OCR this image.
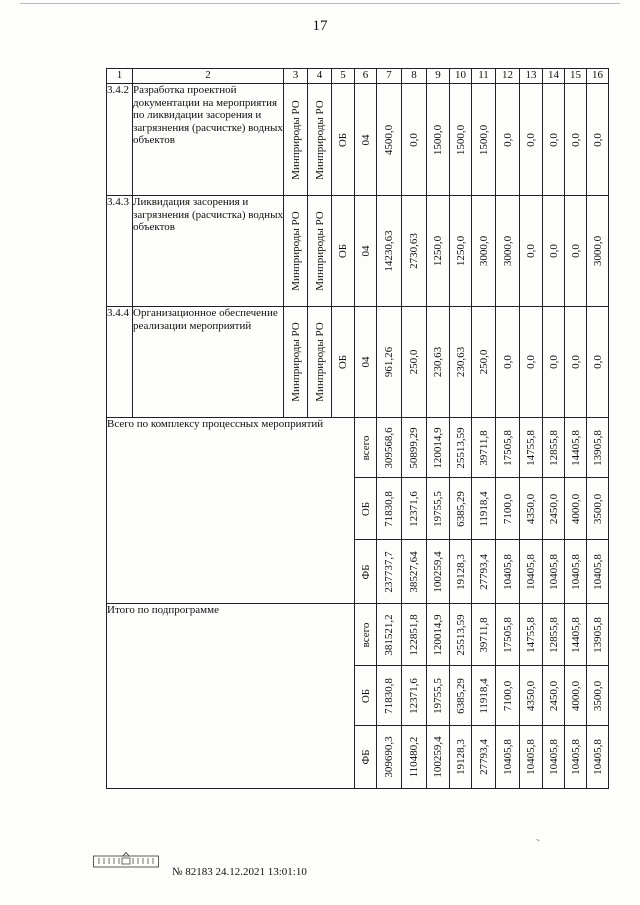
17
1	2	3	4	5	6	7	8	9	10	11	12	13	14	15	16
3.4.2	Разработка проектной документации на мероприятия по ликвидации засорения и загрязнения (расчистке) водных объектов	Минприроды РО	Минприроды РО	ОБ	04	4500,0	0,0	1500,0	1500,0	1500,0	0,0	0,0	0,0	0,0	0,0

3.4.3	Ликвидация засорения и загрязнения (расчистка) водных объектов	Минприроды РО	Минприроды РО	ОБ	04	14230,63	2730,63	1250,0	1250,0	3000,0	3000,0	0,0	0,0	0,0	3000,0

3.4.4	Организационное обеспечение реализации мероприятий	Минприроды РО	Минприроды РО	ОБ	04	961,26	250,0	230,63	230,63	250,0	0,0	0,0	0,0	0,0	0,0

Всего по комплексу процессных мероприятий					всего	309568,6	50899,29	120014,9	25513,59	39711,8	17505,8	14755,8	12855,8	14405,8	13905,8

					ОБ	71830,8	12371,6	19755,5	6385,29	11918,4	7100,0	4350,0	2450,0	4000,0	3500,0

					ФБ	237737,7	38527,64	100259,4	19128,3	27793,4	10405,8	10405,8	10405,8	10405,8	10405,8

Итого по подпрограмме					всего	381521,2	122851,8	120014,9	25513,59	39711,8	17505,8	14755,8	12855,8	14405,8	13905,8

					ОБ	71830,8	12371,6	19755,5	6385,29	11918,4	7100,0	4350,0	2450,0	4000,0	3500,0

					ФБ	309690,3	110480,2	100259,4	19128,3	27793,4	10405,8	10405,8	10405,8	10405,8	10405,8
№ 82183 24.12.2021 13:01:10
˜
